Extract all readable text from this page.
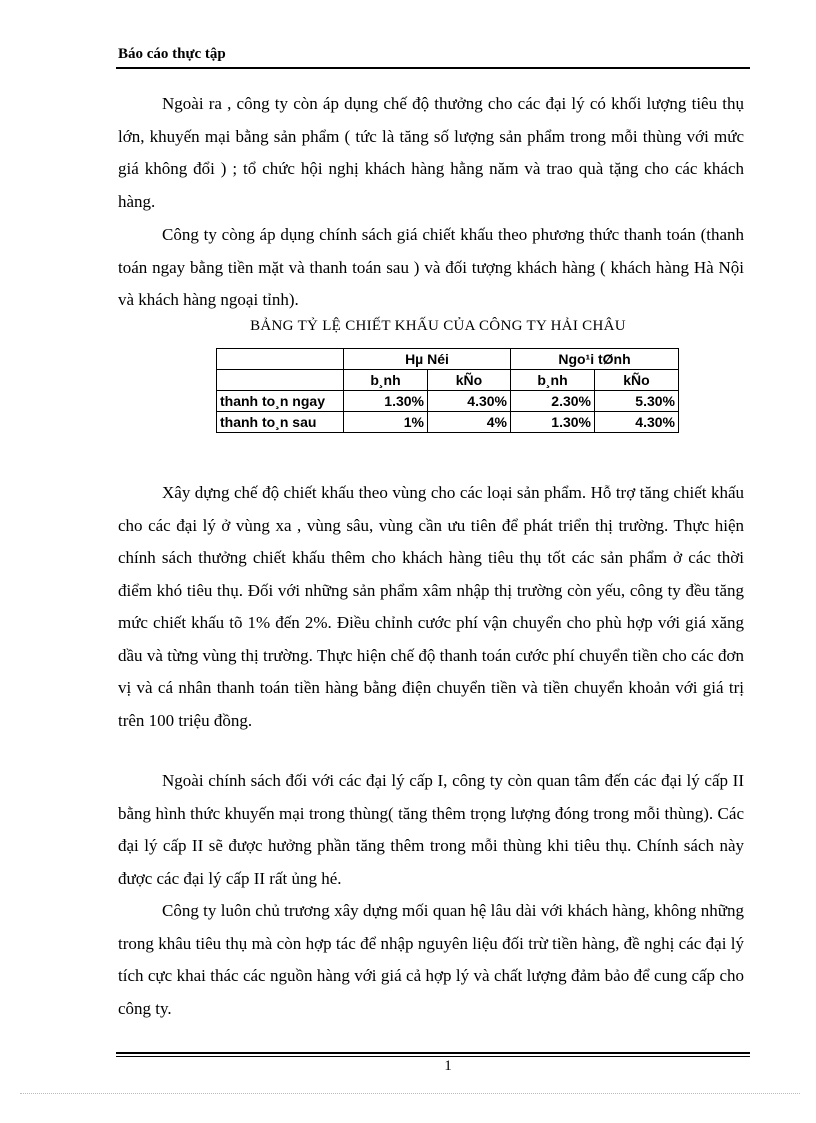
Báo cáo thực tập

Ngoài ra , công ty còn áp dụng chế độ thưởng cho các đại lý có khối lượng tiêu thụ lớn, khuyến mại bằng sản phẩm ( tức là tăng số lượng sản phẩm trong mỗi thùng với mức giá không đổi ) ; tổ chức hội nghị khách hàng hằng năm và trao quà tặng cho các khách hàng.

Công ty còng áp dụng chính sách giá chiết khấu theo phương thức thanh toán (thanh toán ngay bằng tiền mặt và thanh toán sau ) và đối tượng khách hàng ( khách hàng Hà Nội và khách hàng ngoại tỉnh).

BẢNG TỶ LỆ CHIẾT KHẤU CỦA CÔNG TY HẢI CHÂU
	Hµ Néi		Ngo¹i tØnh	
	b¸nh	kÑo	b¸nh	kÑo
thanh to¸n ngay	1.30%	4.30%	2.30%	5.30%
thanh to¸n sau	1%	4%	1.30%	4.30%

Xây dựng chế độ chiết khấu theo vùng cho các loại sản phẩm. Hỗ trợ tăng chiết khấu cho các đại lý ở vùng xa , vùng sâu, vùng cần ưu tiên để phát triển thị trường. Thực hiện chính sách thưởng chiết khấu thêm cho khách hàng tiêu thụ tốt các sản phẩm ở các thời điểm khó tiêu thụ. Đối với những sản phẩm xâm nhập thị trường còn yếu, công ty đều tăng mức chiết khấu tõ 1% đến 2%. Điều chỉnh cước phí vận chuyển cho phù hợp với giá xăng dầu và từng vùng thị trường. Thực hiện chế độ thanh toán cước phí chuyển tiền cho các đơn vị và cá nhân thanh toán tiền hàng bằng điện chuyển tiền và tiền chuyển khoản với giá trị trên 100 triệu đồng.

Ngoài chính sách đối với các đại lý cấp I, công ty còn quan tâm đến các đại lý cấp II bằng hình thức khuyến mại trong thùng( tăng thêm trọng lượng đóng trong mỗi thùng). Các đại lý cấp II sẽ được hưởng phần tăng thêm trong mỗi thùng khi tiêu thụ. Chính sách này được các đại lý cấp II rất ủng hé.

Công ty luôn chủ trương xây dựng mối quan hệ lâu dài với khách hàng, không những trong khâu tiêu thụ mà còn hợp tác để nhập nguyên liệu đối trừ tiền hàng, đề nghị các đại lý tích cực khai thác các nguồn hàng với giá cả hợp lý và chất lượng đảm bảo để cung cấp cho công ty.

1
